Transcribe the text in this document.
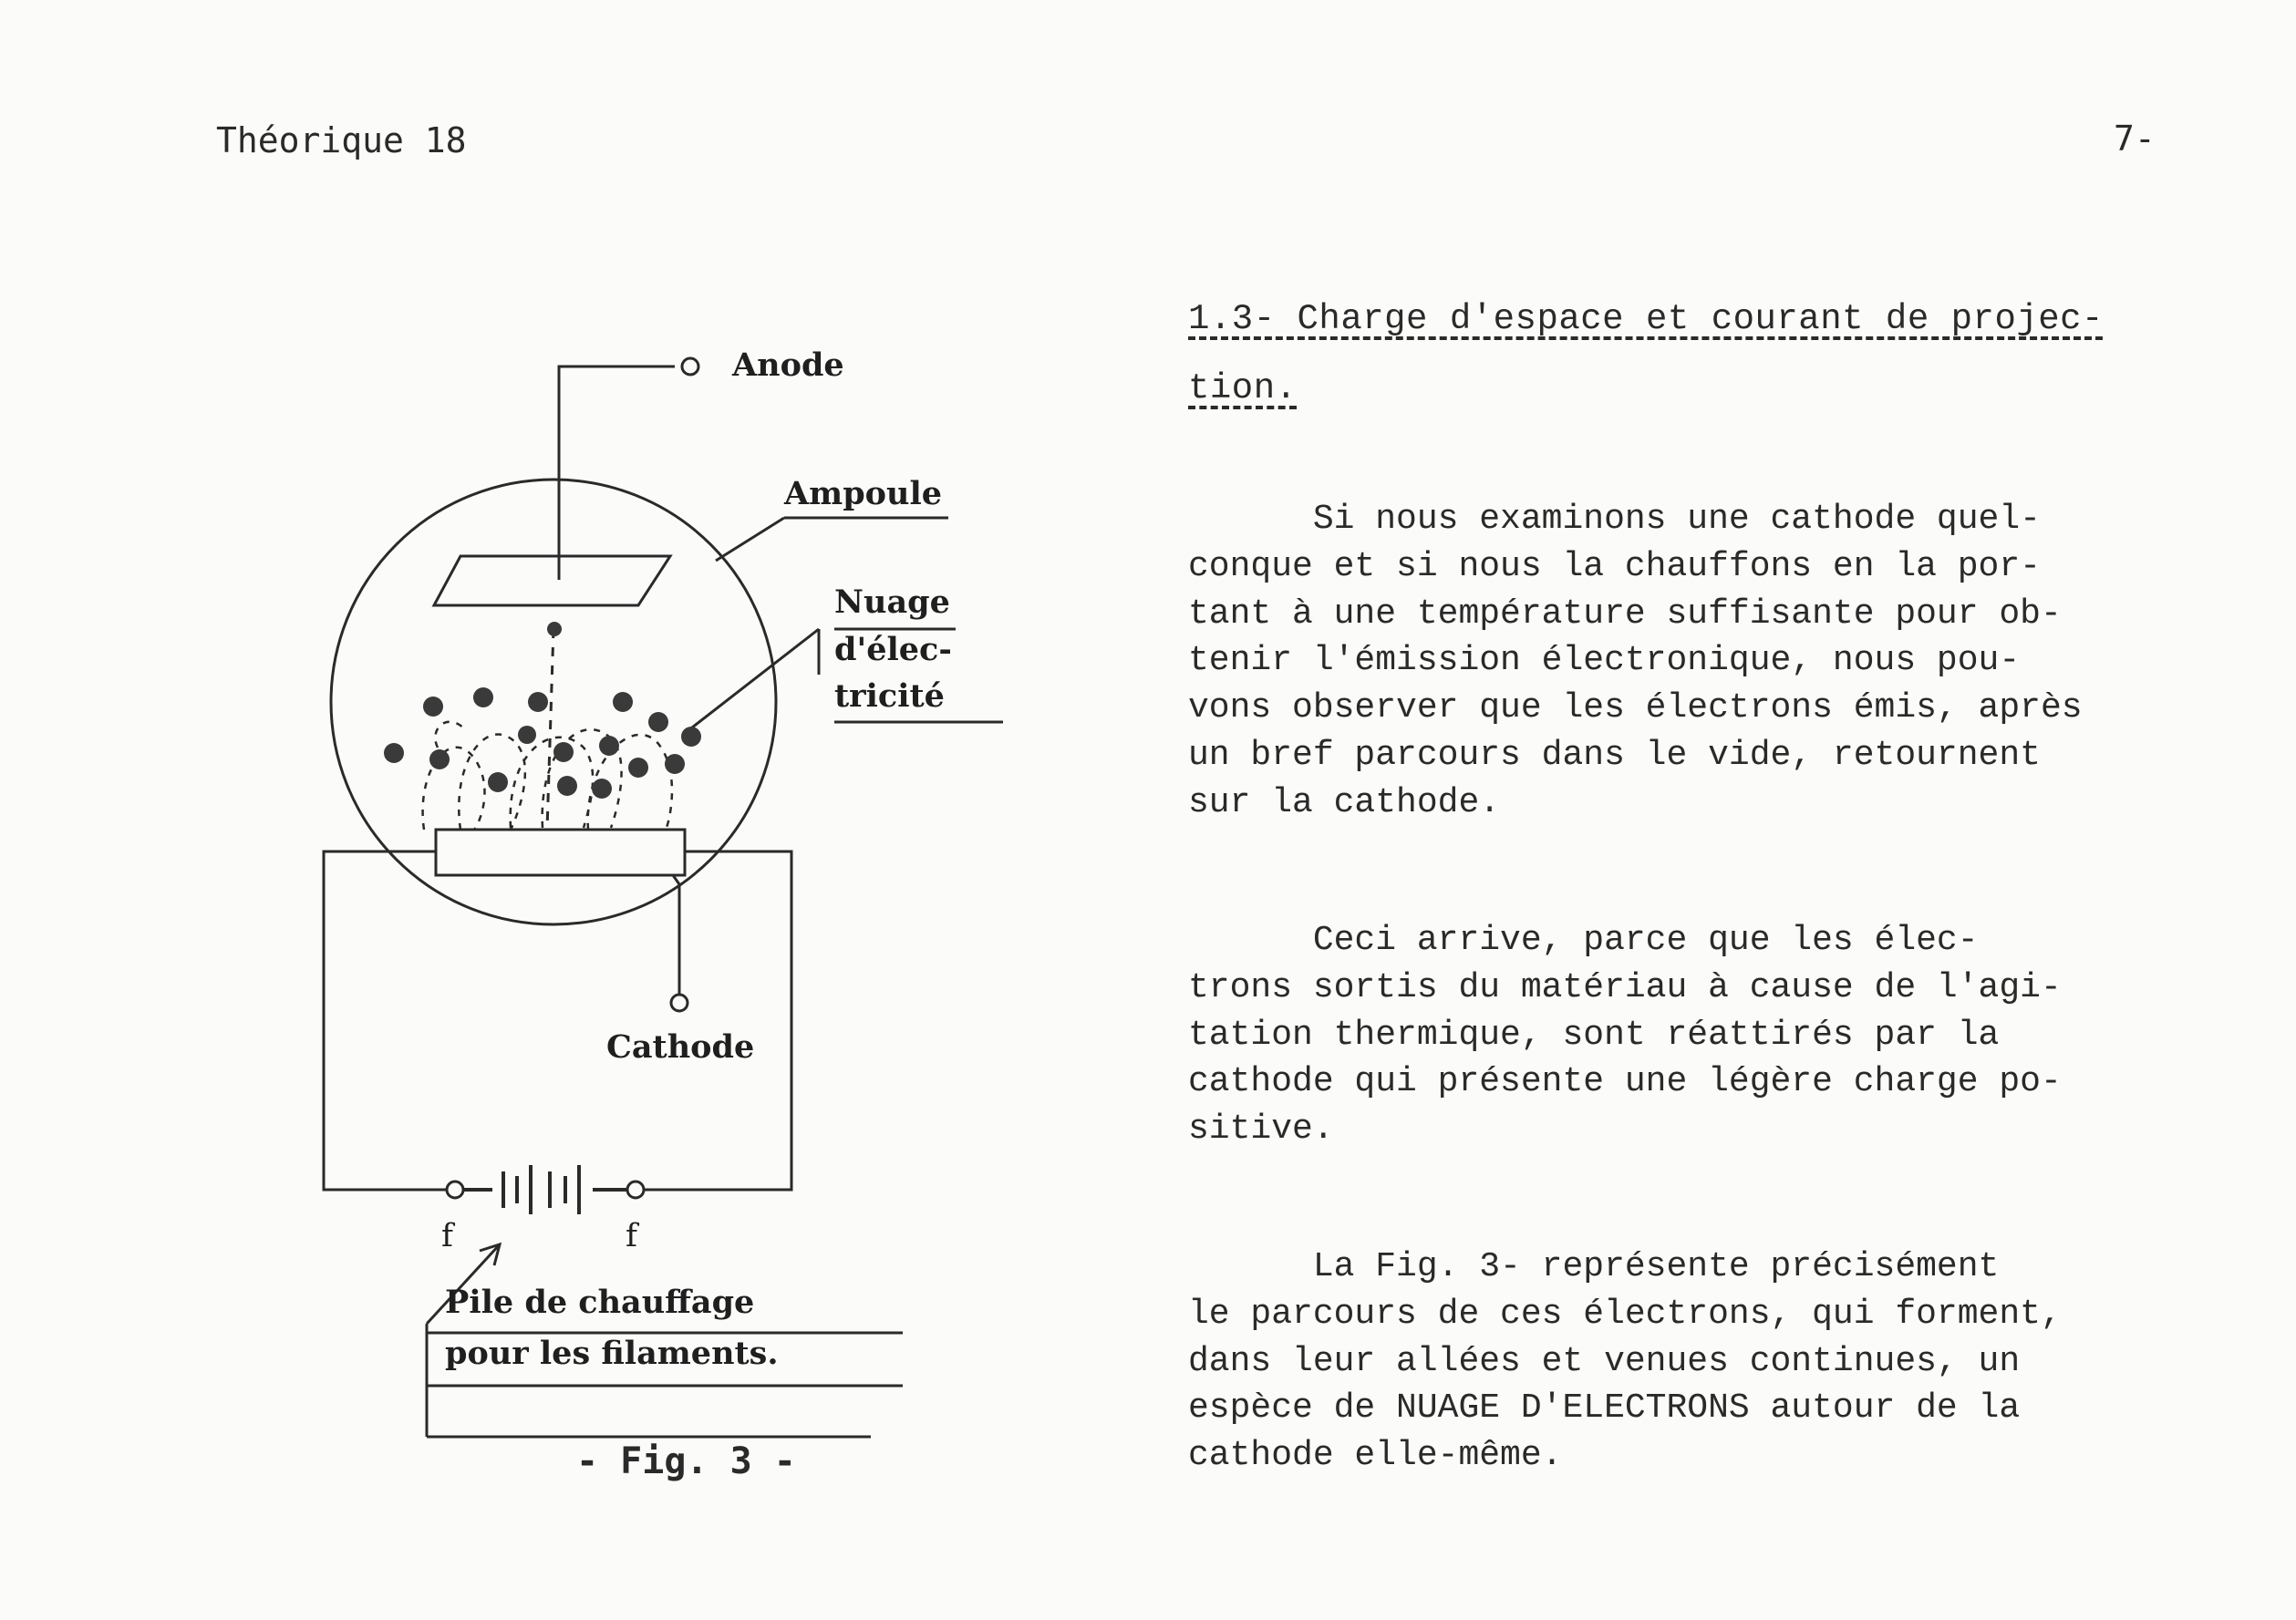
Théorique 18	7-
Anode
Ampoule
Nuage
d'élec-
tricité
Cathode
f	f
Pile de chauffage
pour les filaments.
- Fig. 3 -
1.3- Charge d'espace et courant de projec-
tion.

Si nous examinons une cathode quel-
conque et si nous la chauffons en la por-
tant à une température suffisante pour ob-
tenir l'émission électronique, nous pou-
vons observer que les électrons émis, après
un bref parcours dans le vide, retournent
sur la cathode.

Ceci arrive, parce que les élec-
trons sortis du matériau à cause de l'agi-
tation thermique, sont réattirés par la
cathode qui présente une légère charge po-
sitive.

La Fig. 3- représente précisément
le parcours de ces électrons, qui forment,
dans leur allées et venues continues, un
espèce de NUAGE D'ELECTRONS autour de la
cathode elle-même.
